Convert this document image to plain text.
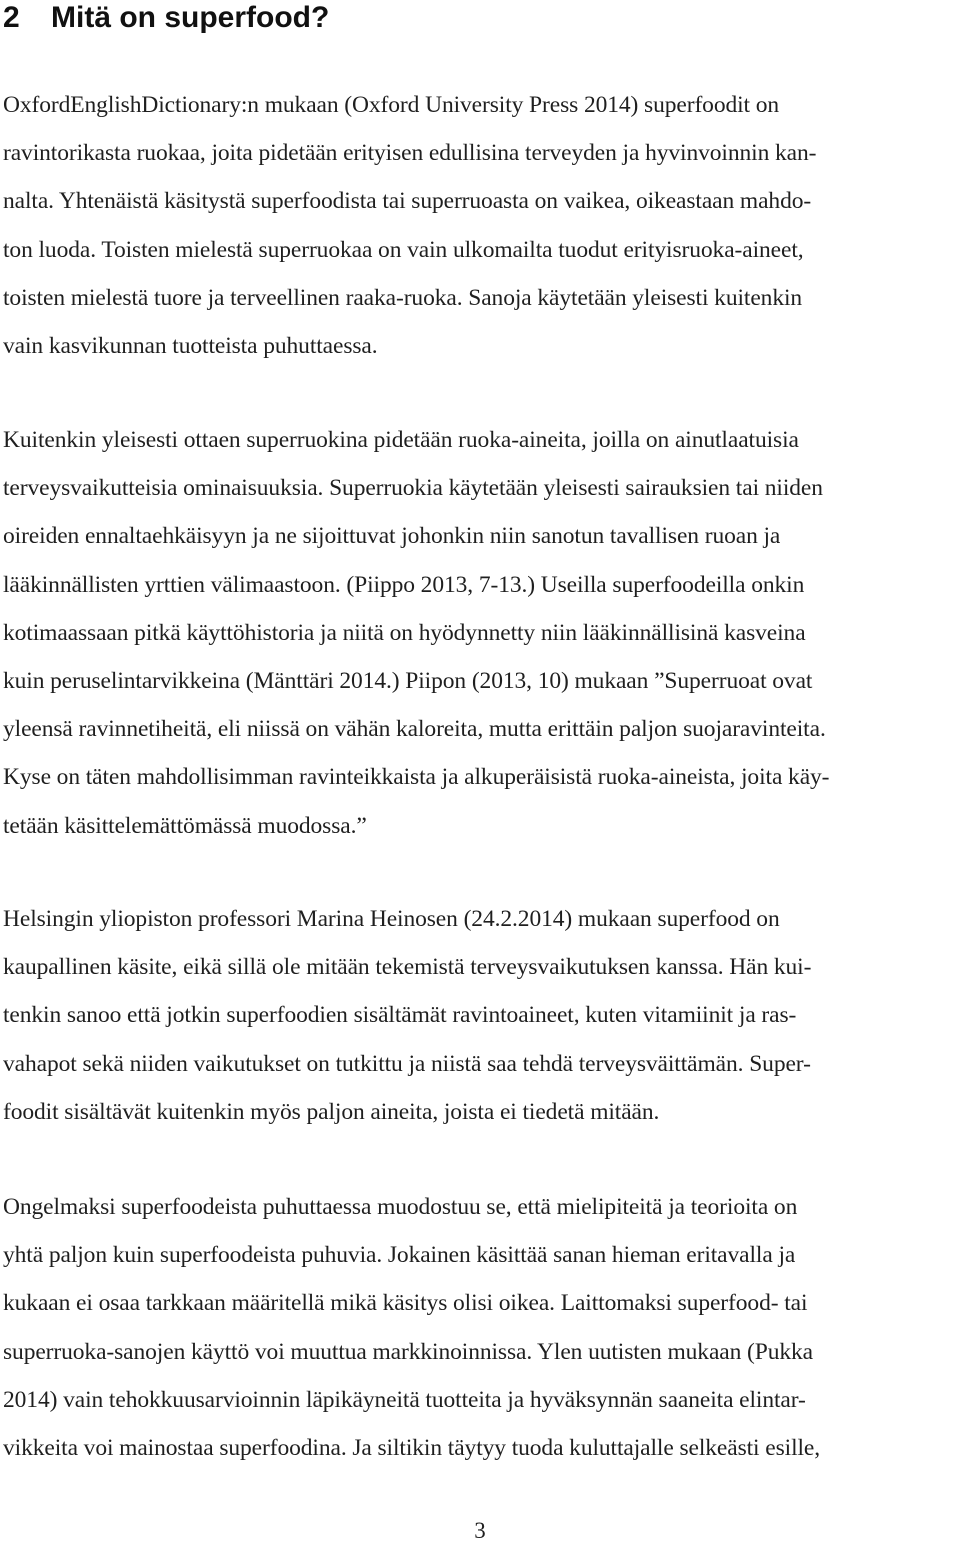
2 Mitä on superfood?
OxfordEnglishDictionary:n mukaan (Oxford University Press 2014) superfoodit on
ravintorikasta ruokaa, joita pidetään erityisen edullisina terveyden ja hyvinvoinnin kan-
nalta. Yhtenäistä käsitystä superfoodista tai superruoasta on vaikea, oikeastaan mahdo-
ton luoda. Toisten mielestä superruokaa on vain ulkomailta tuodut erityisruoka-aineet,
toisten mielestä tuore ja terveellinen raaka-ruoka. Sanoja käytetään yleisesti kuitenkin
vain kasvikunnan tuotteista puhuttaessa.
Kuitenkin yleisesti ottaen superruokina pidetään ruoka-aineita, joilla on ainutlaatuisia
terveysvaikutteisia ominaisuuksia. Superruokia käytetään yleisesti sairauksien tai niiden
oireiden ennaltaehkäisyyn ja ne sijoittuvat johonkin niin sanotun tavallisen ruoan ja
lääkinnällisten yrttien välimaastoon. (Piippo 2013, 7-13.) Useilla superfoodeilla onkin
kotimaassaan pitkä käyttöhistoria ja niitä on hyödynnetty niin lääkinnällisinä kasveina
kuin peruselintarvikkeina (Mänttäri 2014.) Piipon (2013, 10) mukaan ”Superruoat ovat
yleensä ravinnetiheitä, eli niissä on vähän kaloreita, mutta erittäin paljon suojaravinteita.
Kyse on täten mahdollisimman ravinteikkaista ja alkuperäisistä ruoka-aineista, joita käy-
tetään käsittelemättömässä muodossa.”
Helsingin yliopiston professori Marina Heinosen (24.2.2014) mukaan superfood on
kaupallinen käsite, eikä sillä ole mitään tekemistä terveysvaikutuksen kanssa. Hän kui-
tenkin sanoo että jotkin superfoodien sisältämät ravintoaineet, kuten vitamiinit ja ras-
vahapot sekä niiden vaikutukset on tutkittu ja niistä saa tehdä terveysväittämän. Super-
foodit sisältävät kuitenkin myös paljon aineita, joista ei tiedetä mitään.
Ongelmaksi superfoodeista puhuttaessa muodostuu se, että mielipiteitä ja teorioita on
yhtä paljon kuin superfoodeista puhuvia. Jokainen käsittää sanan hieman eritavalla ja
kukaan ei osaa tarkkaan määritellä mikä käsitys olisi oikea. Laittomaksi superfood- tai
superruoka-sanojen käyttö voi muuttua markkinoinnissa. Ylen uutisten mukaan (Pukka
2014) vain tehokkuusarvioinnin läpikäyneitä tuotteita ja hyväksynnän saaneita elintar-
vikkeita voi mainostaa superfoodina. Ja siltikin täytyy tuoda kuluttajalle selkeästi esille,
3
